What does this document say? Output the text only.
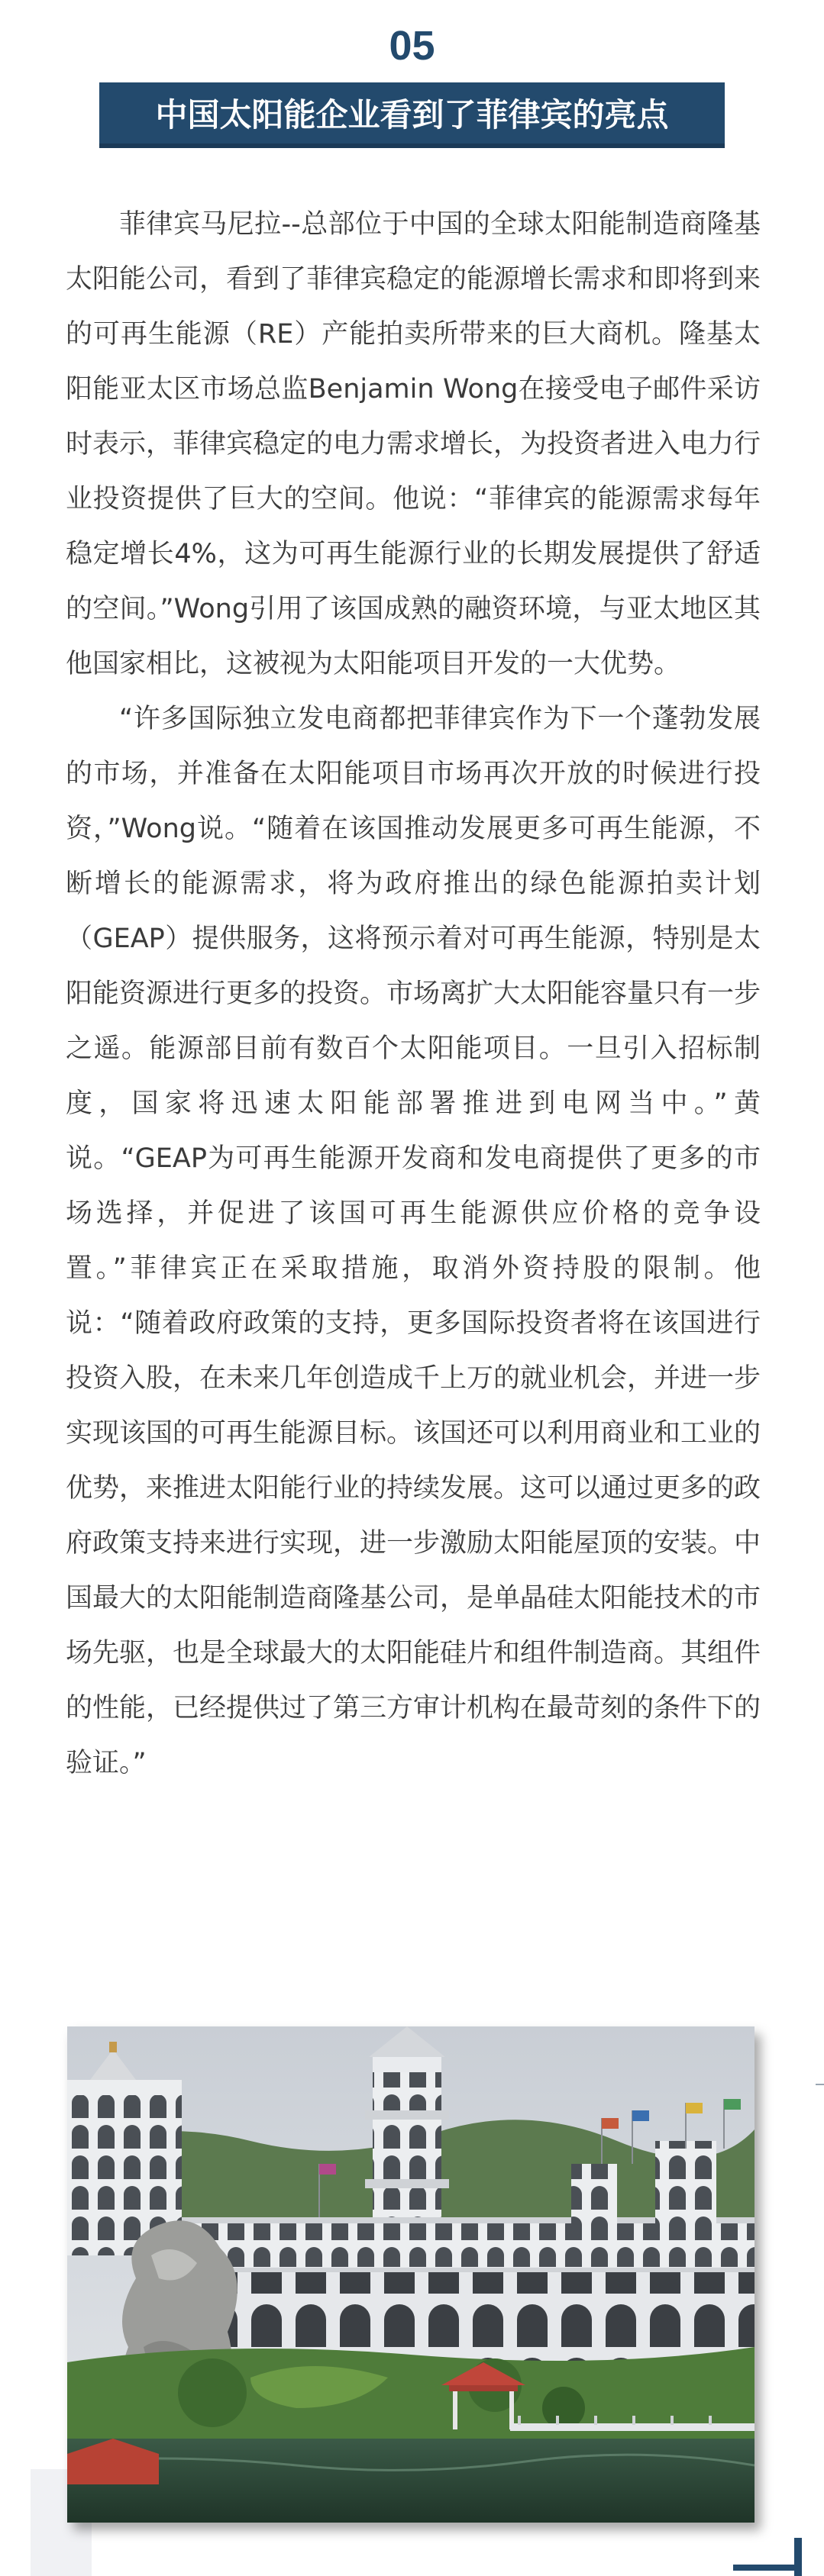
05
中国太阳能企业看到了菲律宾的亮点

菲律宾马尼拉--总部位于中国的全球太阳能制造商隆基太阳能公司，看到了菲律宾稳定的能源增长需求和即将到来的可再生能源（RE）产能拍卖所带来的巨大商机。隆基太阳能亚太区市场总监Benjamin Wong在接受电子邮件采访时表示，菲律宾稳定的电力需求增长，为投资者进入电力行业投资提供了巨大的空间。他说：“菲律宾的能源需求每年稳定增长4%，这为可再生能源行业的长期发展提供了舒适的空间。”Wong引用了该国成熟的融资环境，与亚太地区其他国家相比，这被视为太阳能项目开发的一大优势。

“许多国际独立发电商都把菲律宾作为下一个蓬勃发展的市场，并准备在太阳能项目市场再次开放的时候进行投资，”Wong说。“随着在该国推动发展更多可再生能源，不断增长的能源需求，将为政府推出的绿色能源拍卖计划（GEAP）提供服务，这将预示着对可再生能源，特别是太阳能资源进行更多的投资。市场离扩大太阳能容量只有一步之遥。能源部目前有数百个太阳能项目。一旦引入招标制度，国家将迅速太阳能部署推进到电网当中。”黄说。“GEAP为可再生能源开发商和发电商提供了更多的市场选择，并促进了该国可再生能源供应价格的竞争设置。”菲律宾正在采取措施，取消外资持股的限制。他说：“随着政府政策的支持，更多国际投资者将在该国进行投资入股，在未来几年创造成千上万的就业机会，并进一步实现该国的可再生能源目标。该国还可以利用商业和工业的优势，来推进太阳能行业的持续发展。这可以通过更多的政府政策支持来进行实现，进一步激励太阳能屋顶的安装。中国最大的太阳能制造商隆基公司，是单晶硅太阳能技术的市场先驱，也是全球最大的太阳能硅片和组件制造商。其组件的性能，已经提供过了第三方审计机构在最苛刻的条件下的验证。”
